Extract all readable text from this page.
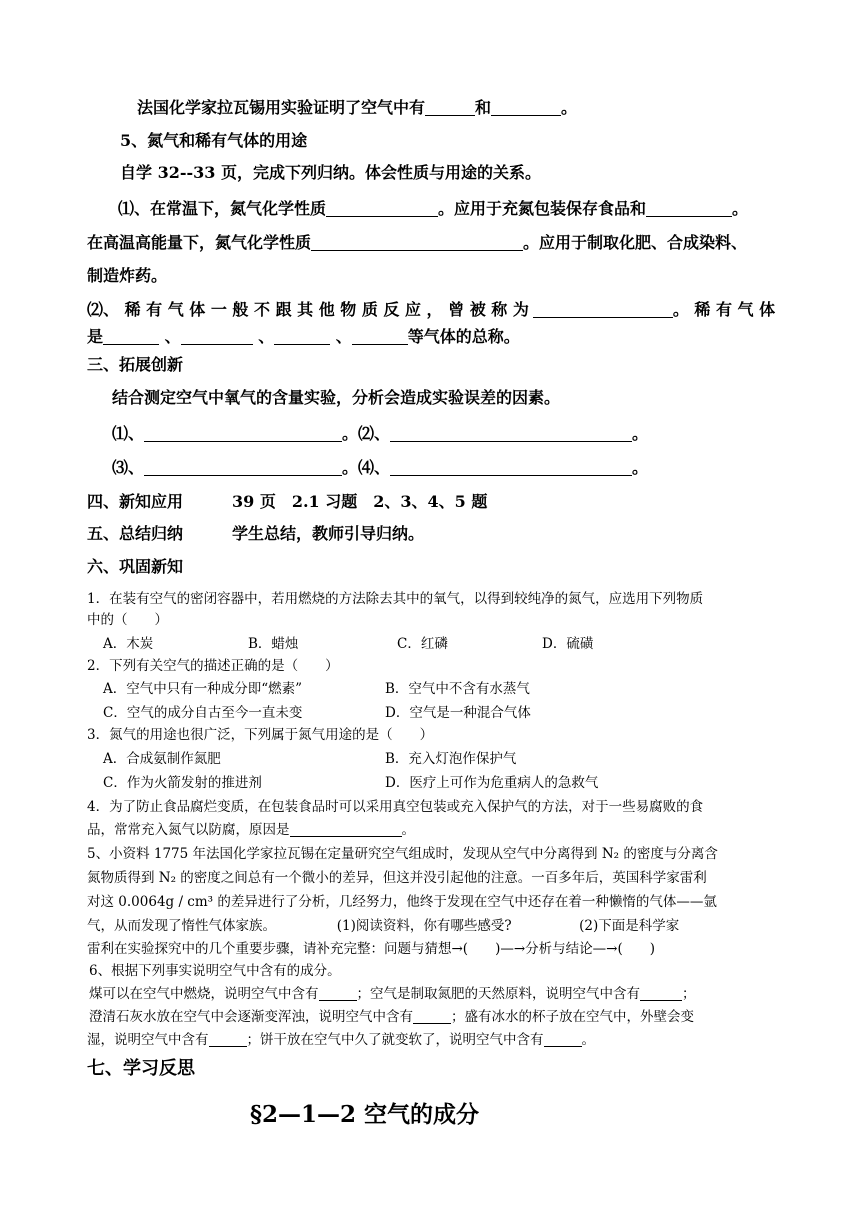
法国化学家拉瓦锡用实验证明了空气中有	和	。
5、氮气和稀有气体的用途
自学 32--33 页，完成下列归纳。体会性质与用途的关系。
⑴、在常温下，氮气化学性质	。应用于充氮包装保存食品和	。
在高温高能量下，氮气化学性质	。应用于制取化肥、合成染料、
制造炸药。
⑵、 稀 有 气 体 一 般 不 跟 其 他 物 质 反 应 ， 曾 被 称 为	。 稀 有 气 体
是	、	、	、	等气体的总称。
三、拓展创新
结合测定空气中氧气的含量实验，分析会造成实验误差的因素。
⑴、	。⑵、	。
⑶、	。⑷、	。
四、新知应用	39 页　2.1 习题　2、3、4、5 题
五、总结归纳	学生总结，教师引导归纳。
六、巩固新知
1．在装有空气的密闭容器中，若用燃烧的方法除去其中的氧气，以得到较纯净的氮气，应选用下列物质
中的（　　）
A．木炭	B．蜡烛	C．红磷	D．硫磺
2．下列有关空气的描述正确的是（　　）
A．空气中只有一种成分即“燃素”	B．空气中不含有水蒸气
C．空气的成分自古至今一直未变	D．空气是一种混合气体
3．氮气的用途也很广泛，下列属于氮气用途的是（　　）
A．合成氨制作氮肥	B．充入灯泡作保护气
C．作为火箭发射的推进剂	D．医疗上可作为危重病人的急救气
4．为了防止食品腐烂变质，在包装食品时可以采用真空包装或充入保护气的方法，对于一些易腐败的食
品，常常充入氮气以防腐，原因是	。
5、小资料 1775 年法国化学家拉瓦锡在定量研究空气组成时，发现从空气中分离得到 N₂ 的密度与分离含
氮物质得到 N₂ 的密度之间总有一个微小的差异，但这并没引起他的注意。一百多年后，英国科学家雷利
对这 0.0064g / cm³ 的差异进行了分析，几经努力，他终于发现在空气中还存在着一种懒惰的气体——氩
气，从而发现了惰性气体家族。　　　　　(1)阅读资料，你有哪些感受?　　　　　(2)下面是科学家
雷利在实验探究中的几个重要步骤，请补充完整：问题与猜想→(　　)—→分析与结论—→(　　)
6、根据下列事实说明空气中含有的成分。
煤可以在空气中燃烧，说明空气中含有	；空气是制取氮肥的天然原料，说明空气中含有	；
澄清石灰水放在空气中会逐渐变浑浊，说明空气中含有	；盛有冰水的杯子放在空气中，外壁会变
湿，说明空气中含有	；饼干放在空气中久了就变软了，说明空气中含有	。
七、学习反思
§2—1—2 空气的成分
